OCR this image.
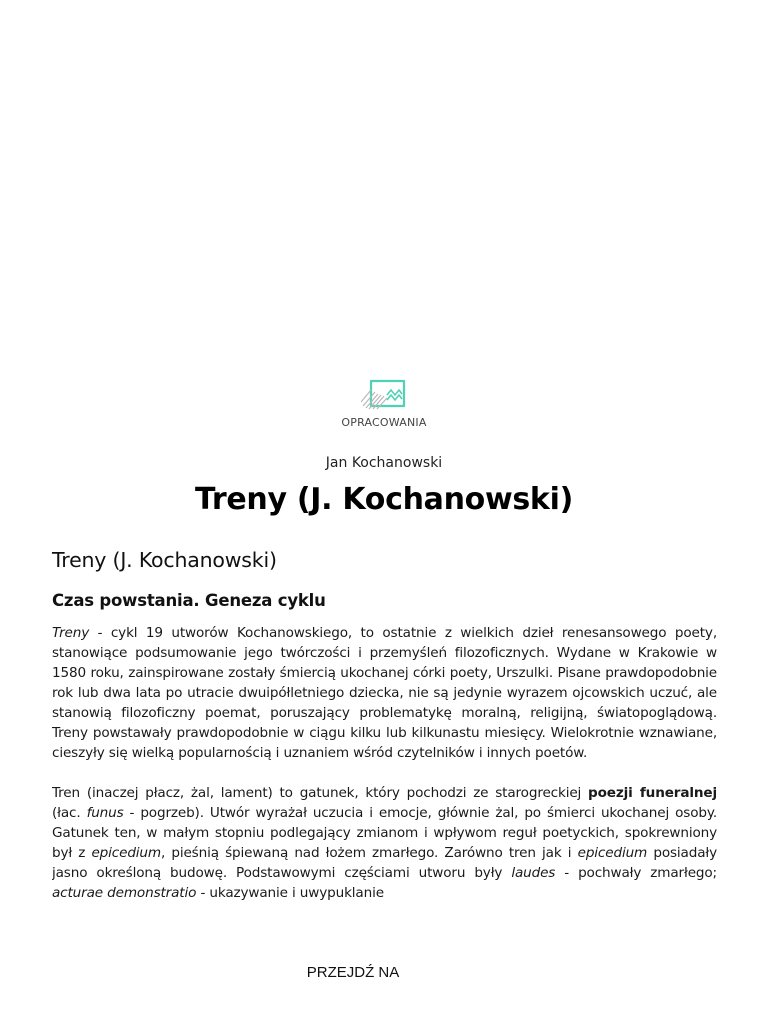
OPRACOWANIA
Jan Kochanowski
Treny (J. Kochanowski)
Treny (J. Kochanowski)
Czas powstania. Geneza cyklu

Treny - cykl 19 utworów Kochanowskiego, to ostatnie z wielkich dzieł renesansowego poety, stanowiące podsumowanie jego twórczości i przemyśleń filozoficznych. Wydane w Krakowie w 1580 roku, zainspirowane zostały śmiercią ukochanej córki poety, Urszulki. Pisane prawdopodobnie rok lub dwa lata po utracie dwuipółletniego dziecka, nie są jedynie wyrazem ojcowskich uczuć, ale stanowią filozoficzny poemat, poruszający problematykę moralną, religijną, światopoglądową. Treny powstawały prawdopodobnie w ciągu kilku lub kilkunastu miesięcy. Wielokrotnie wznawiane, cieszyły się wielką popularnością i uznaniem wśród czytelników i innych poetów.

Tren (inaczej płacz, żal, lament) to gatunek, który pochodzi ze starogreckiej poezji funeralnej (łac. funus - pogrzeb). Utwór wyrażał uczucia i emocje, głównie żal, po śmierci ukochanej osoby. Gatunek ten, w małym stopniu podlegający zmianom i wpływom reguł poetyckich, spokrewniony był z epicedium, pieśnią śpiewaną nad łożem zmarłego. Zarówno tren jak i epicedium posiadały jasno określoną budowę. Podstawowymi częściami utworu były laudes - pochwały zmarłego; acturae demonstratio - ukazywanie i uwypuklanie

PRZEJDŹ NA
